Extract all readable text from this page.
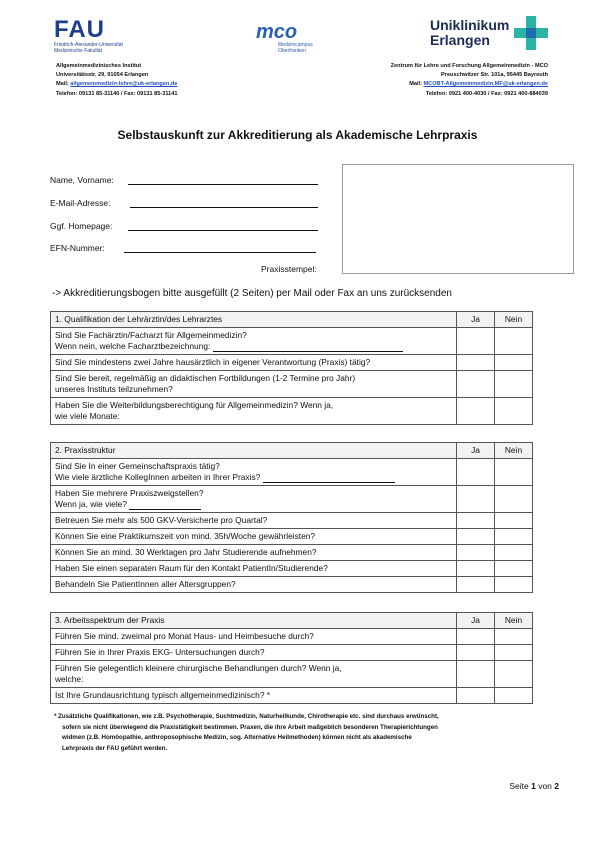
FAU
Friedrich-Alexander-Universität
Medizinische Fakultät
mco
Medizincampus
Oberfranken
Uniklinikum
Erlangen
Allgemeinmedizinisches Institut
Universitätsstr. 29, 91054 Erlangen
Mail: allgemeinmedizin-lehre@uk-erlangen.de
Telefon: 09131 85-31140 / Fax: 09131 85-31141
Zentrum für Lehre und Forschung Allgemeinmedizin - MCO
Preuschwitzer Str. 101a, 95445 Bayreuth
Mail: MCOBT-Allgemeinmedizin.MF@uk-erlangen.de
Telefon: 0921 400-4030 / Fax: 0921 400-884039
Selbstauskunft zur Akkreditierung als Akademische Lehrpraxis
Name, Vorname:
E-Mail-Adresse:
Ggf. Homepage:
EFN-Nummer:
Praxisstempel:
-> Akkreditierungsbogen bitte ausgefüllt (2 Seiten) per Mail oder Fax an uns zurücksenden
1. Qualifikation der Lehrärztin/des Lehrarztes	Ja	Nein

Sind Sie Fachärztin/Facharzt für Allgemeinmedizin?
Wenn nein, welche Facharztbezeichnung:		

Sind Sie mindestens zwei Jahre hausärztlich in eigener Verantwortung (Praxis) tätig?		

Sind Sie bereit, regelmäßig an didaktischen Fortbildungen (1-2 Termine pro Jahr)
unseres Instituts teilzunehmen?		

Haben Sie die Weiterbildungsberechtigung für Allgemeinmedizin? Wenn ja,
wie viele Monate:		

2. Praxisstruktur	Ja	Nein

Sind Sie In einer Gemeinschaftspraxis tätig?
Wie viele ärztliche KollegInnen arbeiten in Ihrer Praxis?		

Haben Sie mehrere Praxiszweigstellen?
Wenn ja, wie viele?		

Betreuen Sie mehr als 500 GKV-Versicherte pro Quartal?		
Können Sie eine Praktikumszeit von mind. 35h/Woche gewährleisten?		
Können Sie an mind. 30 Werktagen pro Jahr Studierende aufnehmen?		
Haben Sie einen separaten Raum für den Kontakt PatientIn/Studierende?		
Behandeln Sie PatientInnen aller Altersgruppen?		
3. Arbeitsspektrum der Praxis	Ja	Nein
Führen Sie mind. zweimal pro Monat Haus- und Heimbesuche durch?		
Führen Sie in Ihrer Praxis EKG- Untersuchungen durch?		

Führen Sie gelegentlich kleinere chirurgische Behandlungen durch? Wenn ja,
welche:		

Ist Ihre Grundausrichtung typisch allgemeinmedizinisch? *		
* Zusätzliche Qualifikationen, wie z.B. Psychotherapie, Suchtmedizin, Naturheilkunde, Chirotherapie etc. sind durchaus erwünscht,
sofern sie nicht überwiegend die Praxistätigkeit bestimmen. Praxen, die ihre Arbeit maßgeblich besonderen Therapierichtungen
widmen (z.B. Homöopathie, anthroposophische Medizin, sog. Alternative Heilmethoden) können nicht als akademische
Lehrpraxis der FAU geführt werden.
Seite 1 von 2
